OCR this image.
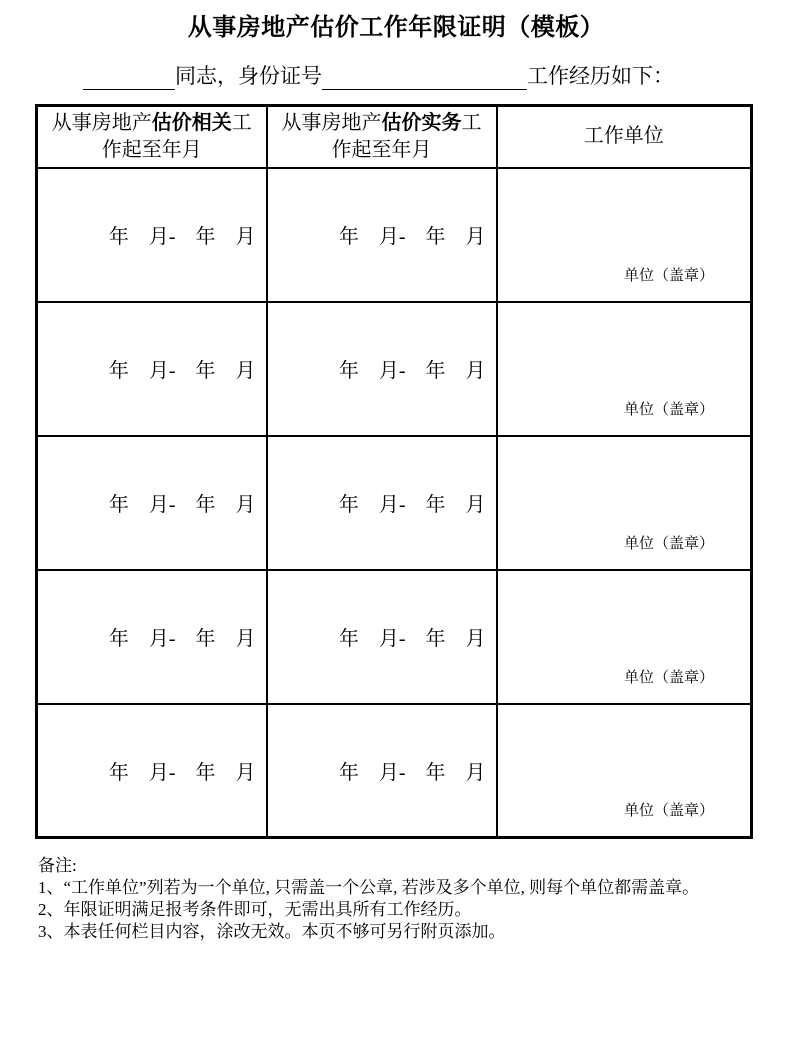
从事房地产估价工作年限证明（模板）
同志，身份证号	工作经历如下：
从事房地产估价相关工作起至年月	从事房地产估价实务工作起至年月	工作单位
年　月-　年　月	年　月-　年　月	单位（盖章）
年　月-　年　月	年　月-　年　月	单位（盖章）
年　月-　年　月	年　月-　年　月	单位（盖章）
年　月-　年　月	年　月-　年　月	单位（盖章）
年　月-　年　月	年　月-　年　月	单位（盖章）
备注:
1、“工作单位”列若为一个单位, 只需盖一个公章, 若涉及多个单位, 则每个单位都需盖章。
2、年限证明满足报考条件即可，无需出具所有工作经历。
3、本表任何栏目内容，涂改无效。本页不够可另行附页添加。
